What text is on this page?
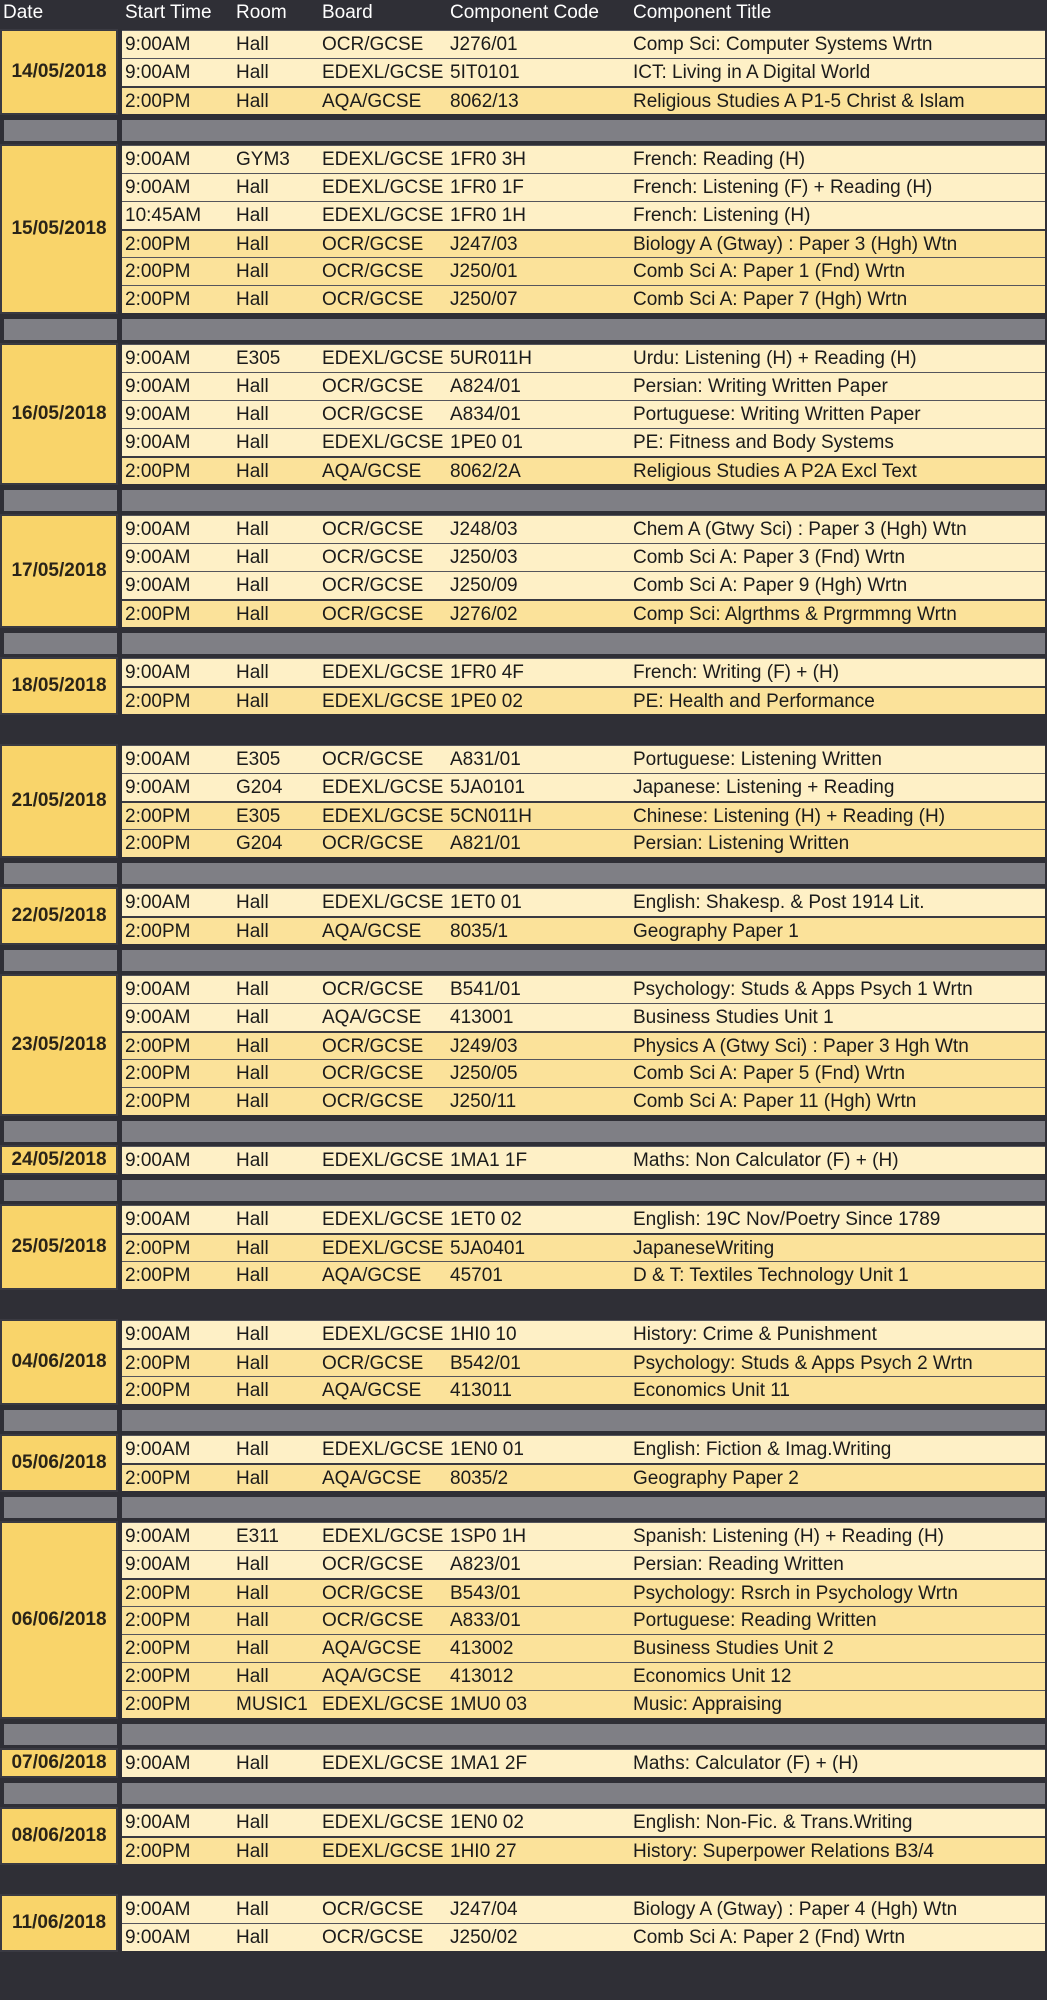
Date	Start Time Room Board	Component Code Component Title
14/05/2018
9:00AM Hall	OCR/GCSE J276/01	Comp Sci: Computer Systems Wrtn
9:00AM Hall	EDEXL/GCSE 5IT0101	ICT: Living in A Digital World
2:00PM Hall	AQA/GCSE 8062/13	Religious Studies A P1-5 Christ & Islam
15/05/2018
9:00AM GYM3 EDEXL/GCSE 1FR0 3H	French: Reading (H)
9:00AM Hall	EDEXL/GCSE 1FR0 1F	French: Listening (F) + Reading (H)
10:45AM Hall	EDEXL/GCSE 1FR0 1H	French: Listening (H)
2:00PM Hall	OCR/GCSE J247/03	Biology A (Gtway) : Paper 3 (Hgh) Wtn
2:00PM Hall	OCR/GCSE J250/01	Comb Sci A: Paper 1 (Fnd) Wrtn
2:00PM Hall	OCR/GCSE J250/07	Comb Sci A: Paper 7 (Hgh) Wrtn
16/05/2018
9:00AM E305 EDEXL/GCSE 5UR011H	Urdu: Listening (H) + Reading (H)
9:00AM Hall	OCR/GCSE A824/01	Persian: Writing Written Paper
9:00AM Hall	OCR/GCSE A834/01	Portuguese: Writing Written Paper
9:00AM Hall	EDEXL/GCSE 1PE0 01	PE: Fitness and Body Systems
2:00PM Hall	AQA/GCSE 8062/2A	Religious Studies A P2A Excl Text
17/05/2018
9:00AM Hall	OCR/GCSE J248/03	Chem A (Gtwy Sci) : Paper 3 (Hgh) Wtn
9:00AM Hall	OCR/GCSE J250/03	Comb Sci A: Paper 3 (Fnd) Wrtn
9:00AM Hall	OCR/GCSE J250/09	Comb Sci A: Paper 9 (Hgh) Wrtn
2:00PM Hall	OCR/GCSE J276/02	Comp Sci: Algrthms & Prgrmmng Wrtn
18/05/2018
9:00AM Hall	EDEXL/GCSE 1FR0 4F	French: Writing (F) + (H)
2:00PM Hall	EDEXL/GCSE 1PE0 02	PE: Health and Performance
21/05/2018
9:00AM E305 OCR/GCSE A831/01	Portuguese: Listening Written
9:00AM G204 EDEXL/GCSE 5JA0101	Japanese: Listening + Reading
2:00PM E305 EDEXL/GCSE 5CN011H	Chinese: Listening (H) + Reading (H)
2:00PM G204 OCR/GCSE A821/01	Persian: Listening Written
22/05/2018
9:00AM Hall	EDEXL/GCSE 1ET0 01	English: Shakesp. & Post 1914 Lit.
2:00PM Hall	AQA/GCSE 8035/1	Geography Paper 1
23/05/2018
9:00AM Hall	OCR/GCSE B541/01	Psychology: Studs & Apps Psych 1 Wrtn
9:00AM Hall	AQA/GCSE 413001	Business Studies Unit 1
2:00PM Hall	OCR/GCSE J249/03	Physics A (Gtwy Sci) : Paper 3 Hgh Wtn
2:00PM Hall	OCR/GCSE J250/05	Comb Sci A: Paper 5 (Fnd) Wrtn
2:00PM Hall	OCR/GCSE J250/11	Comb Sci A: Paper 11 (Hgh) Wrtn
24/05/2018 9:00AM Hall	EDEXL/GCSE 1MA1 1F	Maths: Non Calculator (F) + (H)
25/05/2018
9:00AM Hall	EDEXL/GCSE 1ET0 02	English: 19C Nov/Poetry Since 1789
2:00PM Hall	EDEXL/GCSE 5JA0401	JapaneseWriting
2:00PM Hall	AQA/GCSE 45701	D & T: Textiles Technology Unit 1
04/06/2018
9:00AM Hall	EDEXL/GCSE 1HI0 10	History: Crime & Punishment
2:00PM Hall	OCR/GCSE B542/01	Psychology: Studs & Apps Psych 2 Wrtn
2:00PM Hall	AQA/GCSE 413011	Economics Unit 11
05/06/2018
9:00AM Hall	EDEXL/GCSE 1EN0 01	English: Fiction & Imag.Writing
2:00PM Hall	AQA/GCSE 8035/2	Geography Paper 2
06/06/2018
9:00AM E311 EDEXL/GCSE 1SP0 1H	Spanish: Listening (H) + Reading (H)
9:00AM Hall	OCR/GCSE A823/01	Persian: Reading Written
2:00PM Hall	OCR/GCSE B543/01	Psychology: Rsrch in Psychology Wrtn
2:00PM Hall	OCR/GCSE A833/01	Portuguese: Reading Written
2:00PM Hall	AQA/GCSE 413002	Business Studies Unit 2
2:00PM Hall	AQA/GCSE 413012	Economics Unit 12
2:00PM MUSIC1 EDEXL/GCSE 1MU0 03	Music: Appraising
07/06/2018 9:00AM Hall	EDEXL/GCSE 1MA1 2F	Maths: Calculator (F) + (H)
08/06/2018
9:00AM Hall	EDEXL/GCSE 1EN0 02	English: Non-Fic. & Trans.Writing
2:00PM Hall	EDEXL/GCSE 1HI0 27	History: Superpower Relations B3/4
11/06/2018
9:00AM Hall	OCR/GCSE J247/04	Biology A (Gtway) : Paper 4 (Hgh) Wtn
9:00AM Hall	OCR/GCSE J250/02	Comb Sci A: Paper 2 (Fnd) Wrtn
